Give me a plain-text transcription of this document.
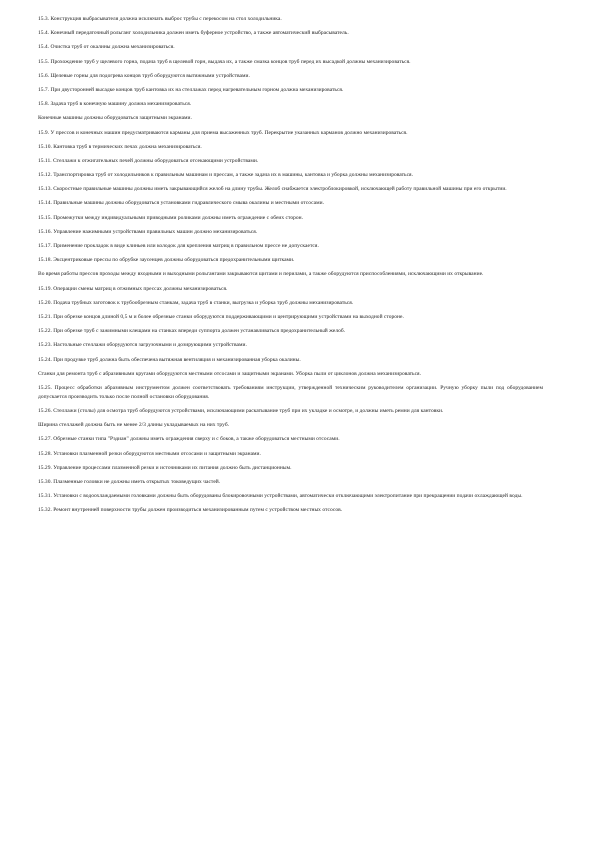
15.3. Конструкция выбрасывателя должна исключать выброс трубы с перекосом на стол холодильника.

15.4. Конечный передаточный рольганг холодильника должен иметь буферное устройство, а также автоматический выбрасыватель.

15.4. Очистка труб от окалины должна механизироваться.

15.5. Прохождение труб у щелевого горна, подача труб в щелевой горн, выдача их, а также смазка концов труб перед их высадкой должны механизироваться.

15.6. Щелевые горны для подогрева концов труб оборудуются вытяжными устройствами.

15.7. При двусторонней высадке концов труб кантовка их на стеллажах перед нагревательным горном должна механизироваться.

15.8. Задача труб в конечную машину должна механизироваться.

Конечные машины должны оборудоваться защитными экранами.

15.9. У прессов и конечных машин предусматриваются карманы для приема высаженных труб. Перекрытие указанных карманов должно механизироваться.

15.10. Кантовка труб в термических печах должна механизироваться.

15.11. Стеллажи к отжигательных печей должны оборудоваться отсекающими устройствами.

15.12. Транспортировка труб от холодильников к правильным машинам и прессам, а также задача их в машины, кантовка и уборка должны механизироваться.

15.13. Скоростные правильные машины должны иметь закрывающийся желоб на длину трубы. Желоб снабжается электроблокировкой, исключающей работу правильной машины при его открытии.

15.14. Правильные машины должны оборудоваться установками гидравлического смыва окалины и местными отсосами.

15.15. Промежутки между индивидуальными приводными роликами должны иметь ограждение с обеих сторон.

15.16. Управление нажимными устройствами правильных машин должно механизироваться.

15.17. Применение прокладок в виде клиньев или колодок для крепления матриц в правильном прессе не допускается.

15.18. Эксцентриковые прессы по обрубке заусенцев должны оборудоваться предохранительными щитками.

Во время работы прессов проходы между входными и выходными рольгангами закрываются щитами и перилами, а также оборудуются приспособлениями, исключающими их открывание.

15.19. Операции смены матриц в отжимных прессах должны механизироваться.

15.20. Подача трубных заготовок к трубообрезным станкам, задача труб в станки, выгрузка и уборка труб должны механизироваться.

15.21. При обрезке концов длиной 0,5 м и более обрезные станки оборудуются поддерживающими и центрирующими устройствами на выходной стороне.

15.22. При обрезке труб с зажимными клещами на станках впереди суппорта должен устанавливаться предохранительный желоб.

15.23. Настольные стеллажи оборудуются загрузочными и дозирующими устройствами.

15.24. При продувке труб должна быть обеспечена вытяжная вентиляция и механизированная уборка окалины.

Станки для ремонта труб с абразивными кругами оборудуются местными отсосами и защитными экранами. Уборка пыли от циклонов должна механизироваться.

15.25. Процесс обработки абразивным инструментом должен соответствовать требованиям инструкции, утвержденной техническим руководителем организации. Ручную уборку пыли под оборудованием допускается производить только после полной остановки оборудования.

15.26. Стеллажи (столы) для осмотра труб оборудуются устройствами, исключающими раскатывание труб при их укладке и осмотре, и должны иметь ремни для кантовки.

Ширина стеллажей должна быть не менее 2/3 длины укладываемых на них труб.

15.27. Обрезные станки типа "Рэдиан" должны иметь ограждения сверху и с боков, а также оборудоваться местными отсосами.

15.28. Установки плазменной резки оборудуются местными отсосами и защитными экранами.

15.29. Управление процессами плазменной резки и источниками их питания должно быть дистанционным.

15.30. Плазменные головки не должны иметь открытых токоведущих частей.

15.31. Установки с водоохлаждаемыми головками должны быть оборудованы блокировочными устройствами, автоматически отключающими электропитание при прекращении подачи охлаждающей воды.

15.32. Ремонт внутренней поверхности трубы должен производиться механизированным путем с устройством местных отсосов.
